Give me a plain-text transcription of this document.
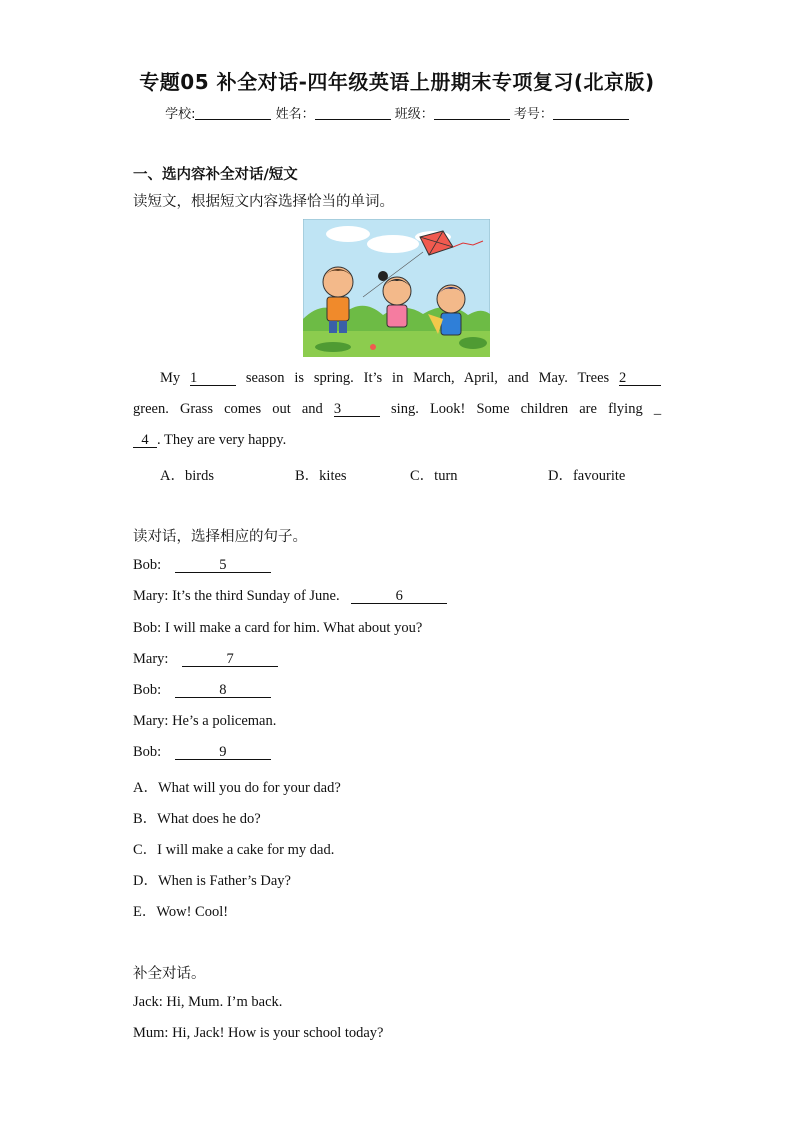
专题05 补全对话-四年级英语上册期末专项复习(北京版)
学校:	姓名：	班级：	考号：
一、选内容补全对话/短文
读短文，根据短文内容选择恰当的单词。
My 1	season is spring. It’s in March, April, and May. Trees 2
green. Grass comes out and 3	sing. Look! Some children are flying _
4 . They are very happy.
A．birds	B．kites	C．turn	D．favourite
读对话，选择相应的句子。
Bob:	5
Mary: It’s the third Sunday of June.	6
Bob: I will make a card for him. What about you?
Mary:	7
Bob:	8
Mary: He’s a policeman.
Bob:	9
A．What will you do for your dad?
B．What does he do?
C．I will make a cake for my dad.
D．When is Father’s Day?
E．Wow! Cool!
补全对话。
Jack: Hi, Mum. I’m back.
Mum: Hi, Jack! How is your school today?
